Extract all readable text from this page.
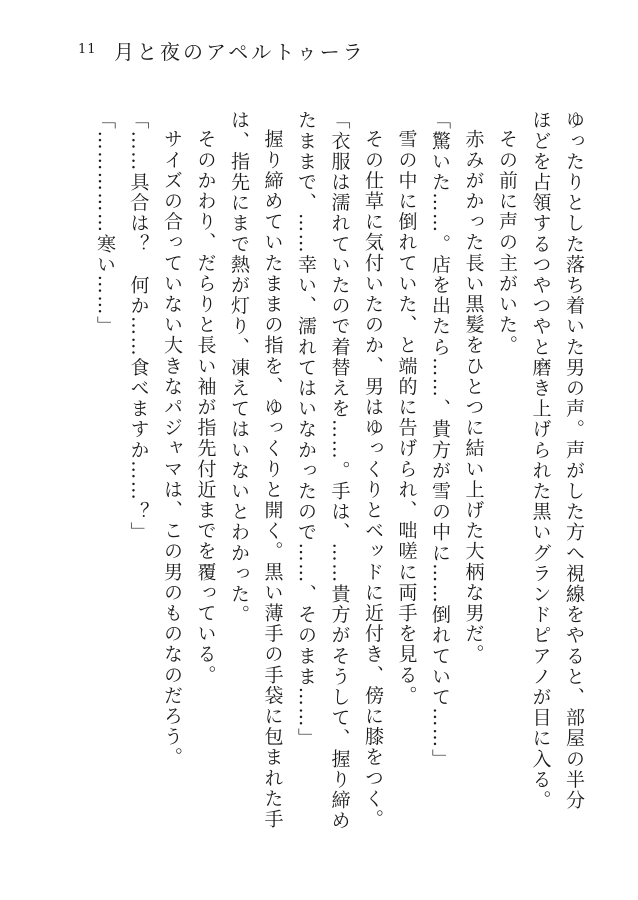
11 月と夜のアペルトゥーラ
ゆったりとした落ち着いた男の声。声がした方へ視線をやると、部屋の半分
ほどを占領するつやつやと磨き上げられた黒いグランドピアノが目に入る。
その前に声の主がいた。
赤みがかった長い黒髪をひとつに結い上げた大柄な男だ。
「驚いた……。店を出たら……、貴方が雪の中に……倒れていて……」
雪の中に倒れていた、と端的に告げられ、咄嗟に両手を見る。
その仕草に気付いたのか、男はゆっくりとベッドに近付き、傍に膝をつく。
「衣服は濡れていたので着替えを……。手は、……貴方がそうして、握り締め
たままで、……幸い、濡れてはいなかったので……、そのまま……」
握り締めていたままの指を、ゆっくりと開く。黒い薄手の手袋に包まれた手
は、指先にまで熱が灯り、凍えてはいないとわかった。
そのかわり、だらりと長い袖が指先付近までを覆っている。
サイズの合っていない大きなパジャマは、この男のものなのだろう。
「……具合は？　何か……食べますか……？」
「……………寒い……」
